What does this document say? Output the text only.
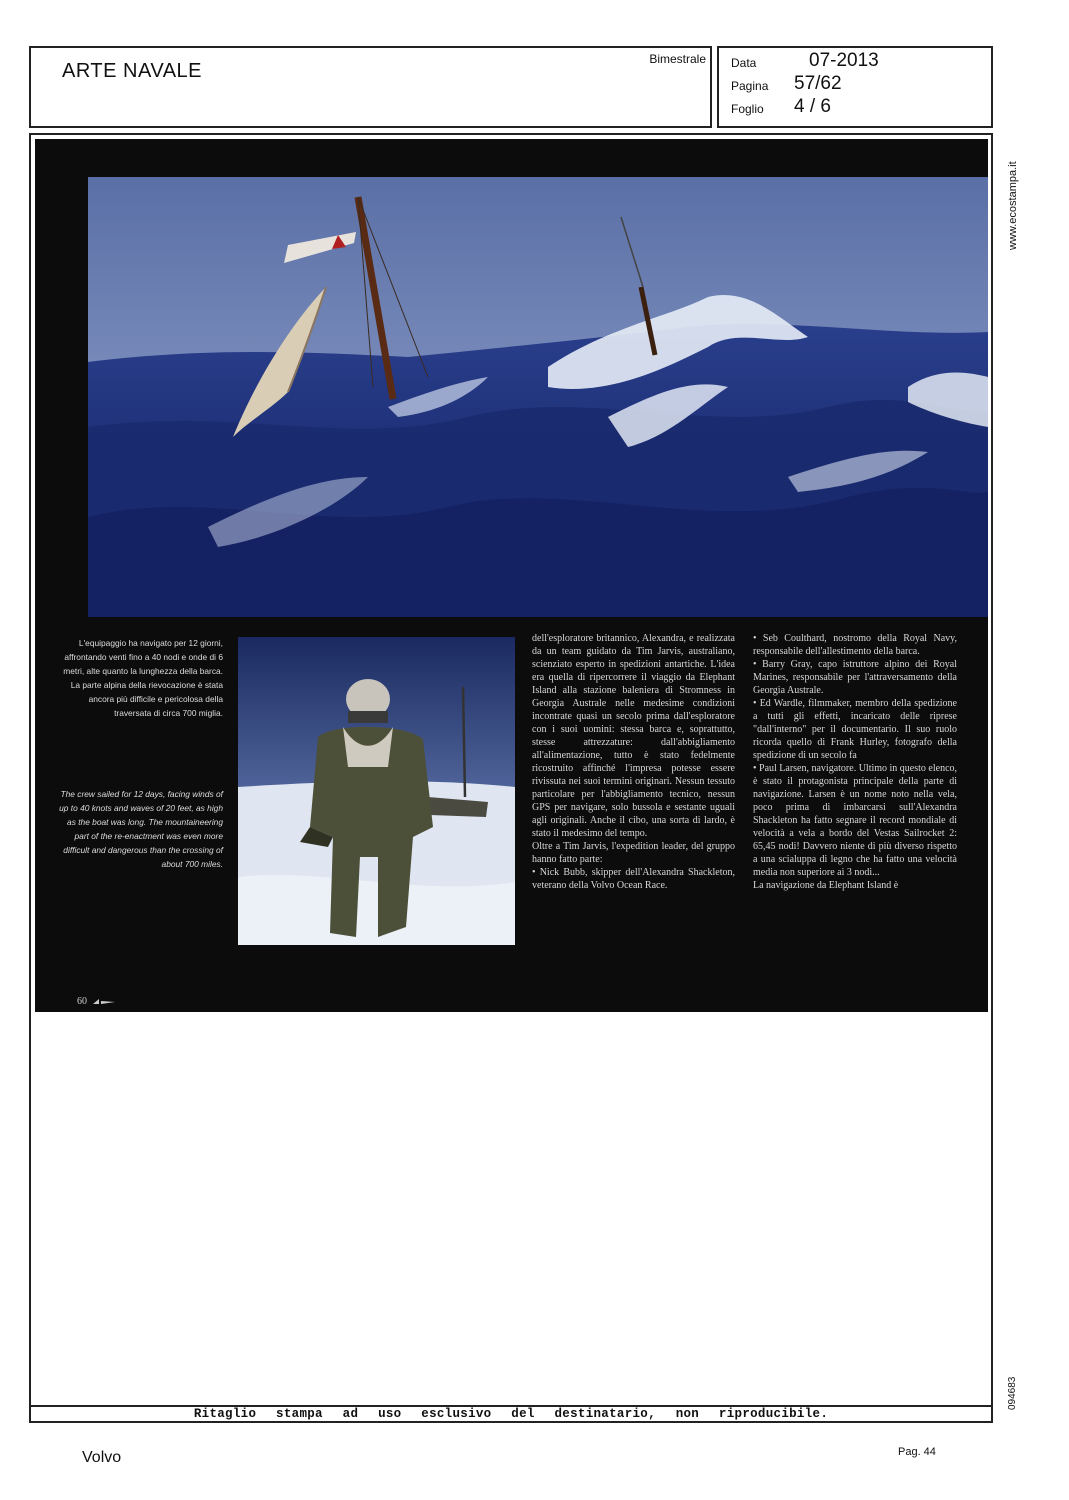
ARTE NAVALE
Bimestrale Data	07-2013
Pagina 57/62
Foglio 4 / 6
www.ecostampa.it
094683
L'equipaggio ha navigato per 12 giorni, affrontando venti fino a 40 nodi e onde di 6 metri, alte quanto la lunghezza della barca. La parte alpina della rievocazione è stata ancora più difficile e pericolosa della traversata di circa 700 miglia.
The crew sailed for 12 days, facing winds of up to 40 knots and waves of 20 feet, as high as the boat was long. The mountaineering part of the re-enactment was even more difficult and dangerous than the crossing of about 700 miles.

dell'esploratore britannico, Alexandra, e realizzata da un team guidato da Tim Jarvis, australiano, scienziato esperto in spedizioni antartiche. L'idea era quella di ripercorrere il viaggio da Elephant Island alla stazione baleniera di Stromness in Georgia Australe nelle medesime condizioni incontrate quasi un secolo prima dall'esploratore con i suoi uomini: stessa barca e, soprattutto, stesse attrezzature: dall'abbigliamento all'alimentazione, tutto è stato fedelmente ricostruito affinché l'impresa potesse essere rivissuta nei suoi termini originari. Nessun tessuto particolare per l'abbigliamento tecnico, nessun GPS per navigare, solo bussola e sestante uguali agli originali. Anche il cibo, una sorta di lardo, è stato il medesimo del tempo.

Oltre a Tim Jarvis, l'expedition leader, del gruppo hanno fatto parte:

• Nick Bubb, skipper dell'Alexandra Shackleton, veterano della Volvo Ocean Race.

• Seb Coulthard, nostromo della Royal Navy, responsabile dell'allestimento della barca.

• Barry Gray, capo istruttore alpino dei Royal Marines, responsabile per l'attraversamento della Georgia Australe.

• Ed Wardle, filmmaker, membro della spedizione a tutti gli effetti, incaricato delle riprese "dall'interno" per il documentario. Il suo ruolo ricorda quello di Frank Hurley, fotografo della spedizione di un secolo fa

• Paul Larsen, navigatore. Ultimo in questo elenco, è stato il protagonista principale della parte di navigazione. Larsen è un nome noto nella vela, poco prima di imbarcarsi sull'Alexandra Shackleton ha fatto segnare il record mondiale di velocità a vela a bordo del Vestas Sailrocket 2: 65,45 nodi! Davvero niente di più diverso rispetto a una scialuppa di legno che ha fatto una velocità media non superiore ai 3 nodi...

La navigazione da Elephant Island è

60
Ritaglio stampa ad uso esclusivo del destinatario, non riproducibile.
Volvo	Pag. 44
